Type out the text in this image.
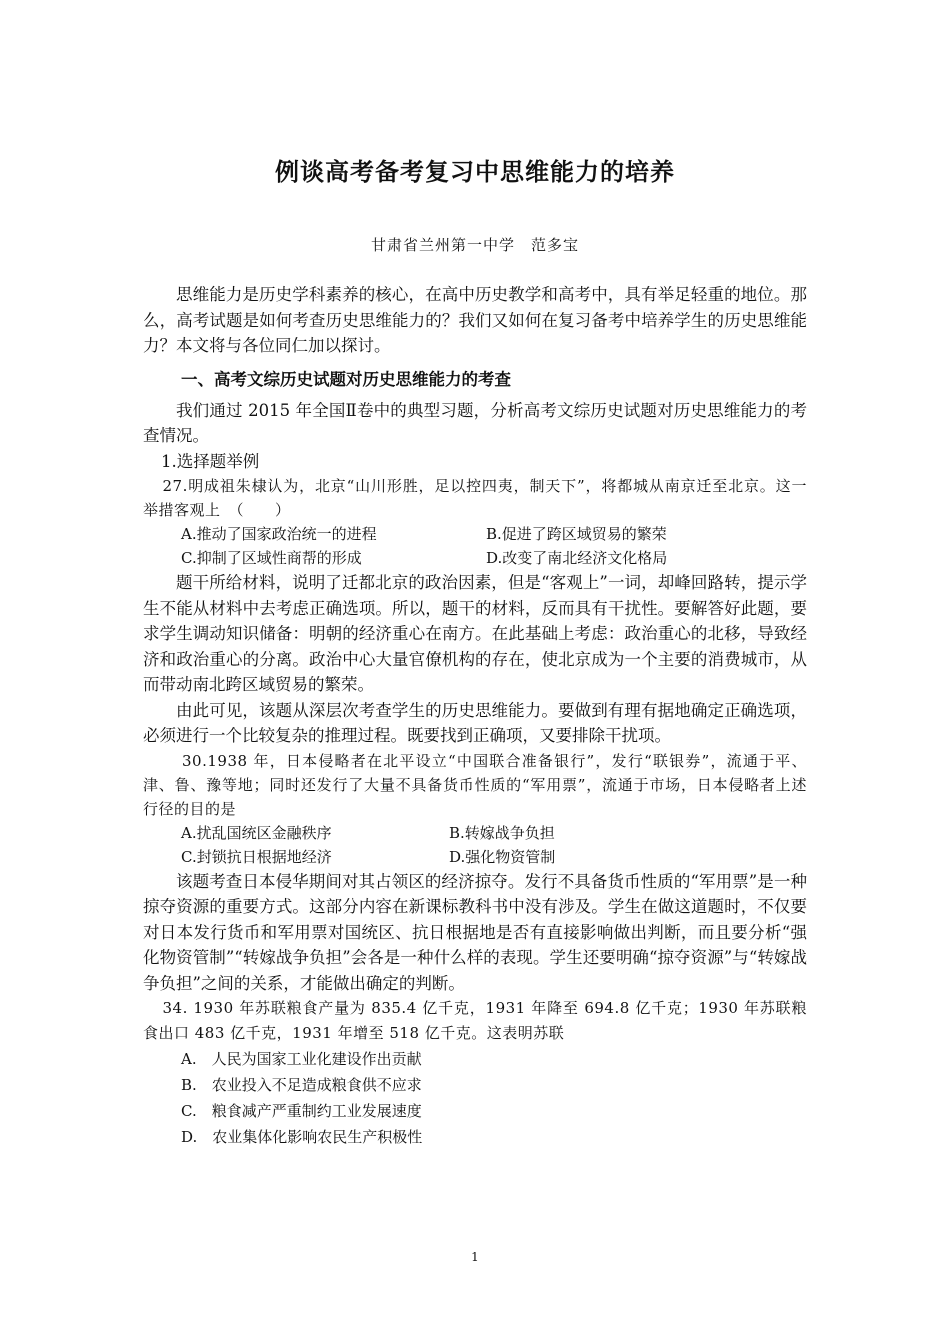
例谈高考备考复习中思维能力的培养
甘肃省兰州第一中学　范多宝

思维能力是历史学科素养的核心，在高中历史教学和高考中，具有举足轻重的地位。那么，高考试题是如何考查历史思维能力的？我们又如何在复习备考中培养学生的历史思维能力？本文将与各位同仁加以探讨。

一、高考文综历史试题对历史思维能力的考查

我们通过 2015 年全国Ⅱ卷中的典型习题，分析高考文综历史试题对历史思维能力的考查情况。

1.选择题举例

27.明成祖朱棣认为，北京“山川形胜，足以控四夷，制天下”，将都城从南京迁至北京。这一举措客观上　（　　）

A.推动了国家政治统一的进程	B.促进了跨区域贸易的繁荣
C.抑制了区域性商帮的形成	D.改变了南北经济文化格局

题干所给材料，说明了迁都北京的政治因素，但是“客观上”一词，却峰回路转，提示学生不能从材料中去考虑正确选项。所以，题干的材料，反而具有干扰性。要解答好此题，要求学生调动知识储备：明朝的经济重心在南方。在此基础上考虑：政治重心的北移，导致经济和政治重心的分离。政治中心大量官僚机构的存在，使北京成为一个主要的消费城市，从而带动南北跨区域贸易的繁荣。

由此可见，该题从深层次考查学生的历史思维能力。要做到有理有据地确定正确选项，必须进行一个比较复杂的推理过程。既要找到正确项，又要排除干扰项。

30.1938 年，日本侵略者在北平设立“中国联合准备银行”，发行“联银券”，流通于平、津、鲁、豫等地；同时还发行了大量不具备货币性质的“军用票”，流通于市场，日本侵略者上述行径的目的是

A.扰乱国统区金融秩序	B.转嫁战争负担
C.封锁抗日根据地经济	D.强化物资管制

该题考查日本侵华期间对其占领区的经济掠夺。发行不具备货币性质的“军用票”是一种掠夺资源的重要方式。这部分内容在新课标教科书中没有涉及。学生在做这道题时，不仅要对日本发行货币和军用票对国统区、抗日根据地是否有直接影响做出判断，而且要分析“强化物资管制”“转嫁战争负担”会各是一种什么样的表现。学生还要明确“掠夺资源”与“转嫁战争负担”之间的关系，才能做出确定的判断。

34. 1930 年苏联粮食产量为 835.4 亿千克，1931 年降至 694.8 亿千克；1930 年苏联粮食出口 483 亿千克，1931 年增至 518 亿千克。这表明苏联

A.　人民为国家工业化建设作出贡献
B.　农业投入不足造成粮食供不应求
C.　粮食减产严重制约工业发展速度
D.　农业集体化影响农民生产积极性
1
